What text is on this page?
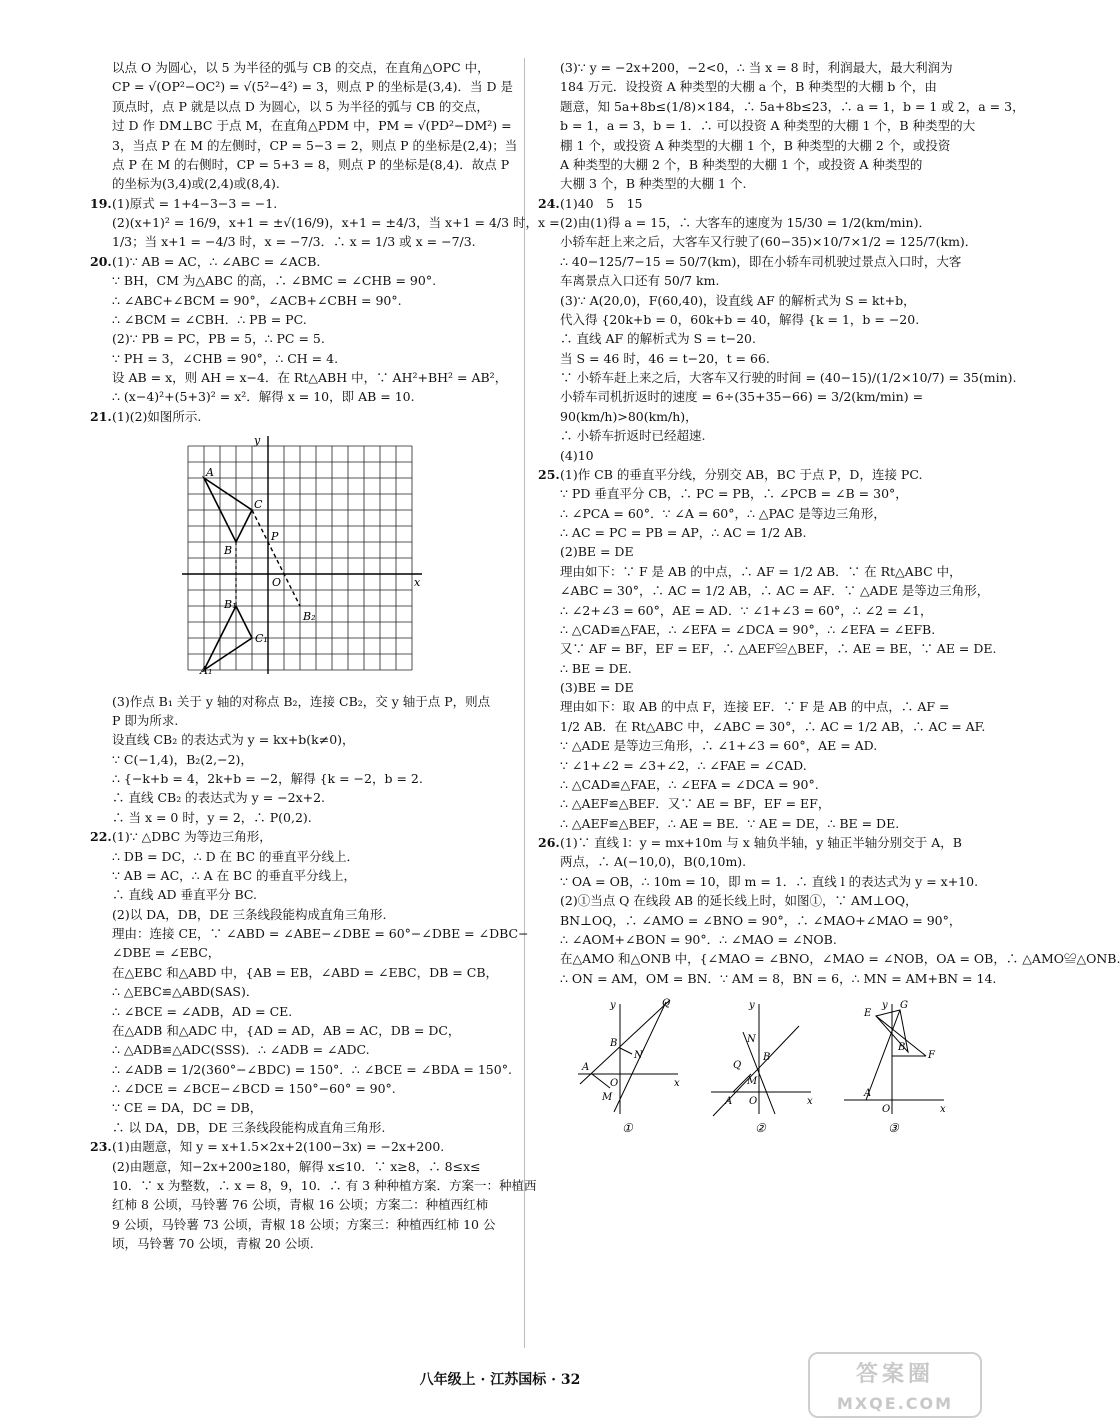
以点 O 为圆心，以 5 为半径的弧与 CB 的交点，在直角△OPC 中，
CP = √(OP²−OC²) = √(5²−4²) = 3，则点 P 的坐标是(3,4)．当 D 是
顶点时，点 P 就是以点 D 为圆心，以 5 为半径的弧与 CB 的交点，
过 D 作 DM⊥BC 于点 M，在直角△PDM 中，PM = √(PD²−DM²) =
3，当点 P 在 M 的左侧时，CP = 5−3 = 2，则点 P 的坐标是(2,4)；当
点 P 在 M 的右侧时，CP = 5+3 = 8，则点 P 的坐标是(8,4)．故点 P
的坐标为(3,4)或(2,4)或(8,4).
19.(1)原式 = 1+4−3−3 = −1.
(2)(x+1)² = 16/9，x+1 = ±√(16/9)，x+1 = ±4/3，当 x+1 = 4/3 时，x =
1/3；当 x+1 = −4/3 时，x = −7/3．∴ x = 1/3 或 x = −7/3.
20.(1)∵ AB = AC，∴ ∠ABC = ∠ACB.
∵ BH，CM 为△ABC 的高，∴ ∠BMC = ∠CHB = 90°.
∴ ∠ABC+∠BCM = 90°，∠ACB+∠CBH = 90°.
∴ ∠BCM = ∠CBH．∴ PB = PC.
(2)∵ PB = PC，PB = 5，∴ PC = 5.
∵ PH = 3，∠CHB = 90°，∴ CH = 4.
设 AB = x，则 AH = x−4．在 Rt△ABH 中，∵ AH²+BH² = AB²，
∴ (x−4)²+(5+3)² = x²．解得 x = 10，即 AB = 10.
21.(1)(2)如图所示.
y
x
O
A
C
B
P
B₁
B₂
C₁
A₁
(3)作点 B₁ 关于 y 轴的对称点 B₂，连接 CB₂，交 y 轴于点 P，则点
P 即为所求.
设直线 CB₂ 的表达式为 y = kx+b(k≠0)，
∵ C(−1,4)，B₂(2,−2)，
∴ {−k+b = 4，2k+b = −2，解得 {k = −2，b = 2.
∴ 直线 CB₂ 的表达式为 y = −2x+2.
∴ 当 x = 0 时，y = 2，∴ P(0,2).
22.(1)∵ △DBC 为等边三角形，
∴ DB = DC，∴ D 在 BC 的垂直平分线上．
∵ AB = AC，∴ A 在 BC 的垂直平分线上，
∴ 直线 AD 垂直平分 BC.
(2)以 DA，DB，DE 三条线段能构成直角三角形.
理由：连接 CE，∵ ∠ABD = ∠ABE−∠DBE = 60°−∠DBE = ∠DBC−
∠DBE = ∠EBC，
在△EBC 和△ABD 中，{AB = EB，∠ABD = ∠EBC，DB = CB，
∴ △EBC≌△ABD(SAS)．
∴ ∠BCE = ∠ADB，AD = CE.
在△ADB 和△ADC 中，{AD = AD，AB = AC，DB = DC，
∴ △ADB≌△ADC(SSS)．∴ ∠ADB = ∠ADC.
∴ ∠ADB = 1/2(360°−∠BDC) = 150°．∴ ∠BCE = ∠BDA = 150°.
∴ ∠DCE = ∠BCE−∠BCD = 150°−60° = 90°.
∵ CE = DA，DC = DB，
∴ 以 DA，DB，DE 三条线段能构成直角三角形.
23.(1)由题意，知 y = x+1.5×2x+2(100−3x) = −2x+200.
(2)由题意，知−2x+200≥180，解得 x≤10．∵ x≥8，∴ 8≤x≤
10．∵ x 为整数，∴ x = 8，9，10．∴ 有 3 种种植方案．方案一：种植西
红柿 8 公顷，马铃薯 76 公顷，青椒 16 公顷；方案二：种植西红柿
9 公顷，马铃薯 73 公顷，青椒 18 公顷；方案三：种植西红柿 10 公
顷，马铃薯 70 公顷，青椒 20 公顷.
(3)∵ y = −2x+200，−2<0，∴ 当 x = 8 时，利润最大，最大利润为
184 万元．设投资 A 种类型的大棚 a 个，B 种类型的大棚 b 个，由
题意，知 5a+8b≤(1/8)×184，∴ 5a+8b≤23，∴ a = 1，b = 1 或 2，a = 3，
b = 1，a = 3，b = 1．∴ 可以投资 A 种类型的大棚 1 个，B 种类型的大
棚 1 个，或投资 A 种类型的大棚 1 个，B 种类型的大棚 2 个，或投资
A 种类型的大棚 2 个，B 种类型的大棚 1 个，或投资 A 种类型的
大棚 3 个，B 种类型的大棚 1 个.
24.(1)40　5　15
(2)由(1)得 a = 15，∴ 大客车的速度为 15/30 = 1/2(km/min)．
小轿车赶上来之后，大客车又行驶了(60−35)×10/7×1/2 = 125/7(km)．
∴ 40−125/7−15 = 50/7(km)，即在小轿车司机驶过景点入口时，大客
车离景点入口还有 50/7 km.
(3)∵ A(20,0)，F(60,40)，设直线 AF 的解析式为 S = kt+b，
代入得 {20k+b = 0，60k+b = 40，解得 {k = 1，b = −20.
∴ 直线 AF 的解析式为 S = t−20.
当 S = 46 时，46 = t−20，t = 66.
∵ 小轿车赶上来之后，大客车又行驶的时间 = (40−15)/(1/2×10/7) = 35(min).
小轿车司机折返时的速度 = 6÷(35+35−66) = 3/2(km/min) =
90(km/h)>80(km/h)，
∴ 小轿车折返时已经超速.
(4)10
25.(1)作 CB 的垂直平分线，分别交 AB，BC 于点 P，D，连接 PC.
∵ PD 垂直平分 CB，∴ PC = PB，∴ ∠PCB = ∠B = 30°，
∴ ∠PCA = 60°．∵ ∠A = 60°，∴ △PAC 是等边三角形，
∴ AC = PC = PB = AP，∴ AC = 1/2 AB.
(2)BE = DE
理由如下：∵ F 是 AB 的中点，∴ AF = 1/2 AB．∵ 在 Rt△ABC 中，
∠ABC = 30°，∴ AC = 1/2 AB，∴ AC = AF．∵ △ADE 是等边三角形，
∴ ∠2+∠3 = 60°，AE = AD．∵ ∠1+∠3 = 60°，∴ ∠2 = ∠1，
∴ △CAD≌△FAE，∴ ∠EFA = ∠DCA = 90°，∴ ∠EFA = ∠EFB.
又∵ AF = BF，EF = EF，∴ △AEF≌△BEF，∴ AE = BE，∵ AE = DE.
∴ BE = DE.
(3)BE = DE
理由如下：取 AB 的中点 F，连接 EF．∵ F 是 AB 的中点，∴ AF =
1/2 AB．在 Rt△ABC 中，∠ABC = 30°，∴ AC = 1/2 AB，∴ AC = AF.
∵ △ADE 是等边三角形，∴ ∠1+∠3 = 60°，AE = AD.
∵ ∠1+∠2 = ∠3+∠2，∴ ∠FAE = ∠CAD.
∴ △CAD≌△FAE，∴ ∠EFA = ∠DCA = 90°.
∴ △AEF≌△BEF．又∵ AE = BF，EF = EF，
∴ △AEF≌△BEF，∴ AE = BE．∵ AE = DE，∴ BE = DE.
26.(1)∵ 直线 l：y = mx+10m 与 x 轴负半轴，y 轴正半轴分别交于 A，B
两点，∴ A(−10,0)，B(0,10m).
∵ OA = OB，∴ 10m = 10，即 m = 1．∴ 直线 l 的表达式为 y = x+10.
(2)①当点 Q 在线段 AB 的延长线上时，如图①，∵ AM⊥OQ，
BN⊥OQ，∴ ∠AMO = ∠BNO = 90°，∴ ∠MAO+∠MAO = 90°，
∴ ∠AOM+∠BON = 90°．∴ ∠MAO = ∠NOB.
在△AMO 和△ONB 中，{∠MAO = ∠BNO，∠MAO = ∠NOB，OA = OB，∴ △AMO≌△ONB.
∴ ON = AM，OM = BN．∵ AM = 8，BN = 6，∴ MN = AM+BN = 14.
x
y
O
Q
B
N
A
M
①
x
y
O
N
Q
B
M
A
②
x
y
O
E
G
B
F
A
③
八年级上 · 江苏国标 · 32	答案圈
MXQE.COM
